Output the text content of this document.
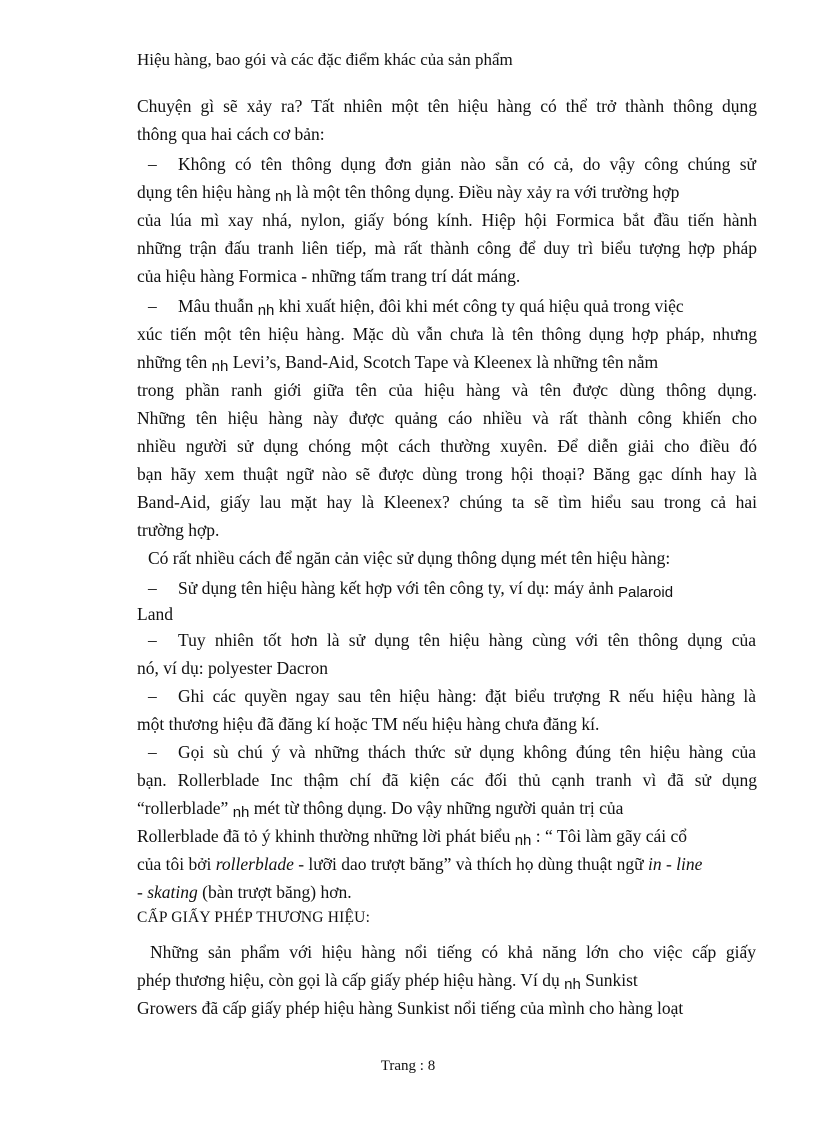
Hiệu hàng, bao gói và các đặc điểm khác của sản phẩm
Chuyện gì sẽ xảy ra? Tất nhiên một tên hiệu hàng có thể trở thành thông dụng
thông qua hai cách cơ bản:
– Không có tên thông dụng đơn giản nào sẵn có cả, do vậy công chúng sử
dụng tên hiệu hàng nh là một tên thông dụng. Điều này xảy ra với trường hợp
của lúa mì xay nhá, nylon, giấy bóng kính. Hiệp hội Formica bắt đầu tiến hành
những trận đấu tranh liên tiếp, mà rất thành công để duy trì biểu tượng hợp pháp
của hiệu hàng Formica - những tấm trang trí dát máng.
– Mâu thuẫn nh khi xuất hiện, đôi khi mét công ty quá hiệu quả trong việc
xúc tiến một tên hiệu hàng. Mặc dù vẫn chưa là tên thông dụng hợp pháp, nhưng
những tên nh Levi’s, Band-Aid, Scotch Tape và Kleenex là những tên nằm
trong phần ranh giới giữa tên của hiệu hàng và tên được dùng thông dụng.
Những tên hiệu hàng này được quảng cáo nhiều và rất thành công khiến cho
nhiều người sử dụng chóng một cách thường xuyên. Để diễn giải cho điều đó
bạn hãy xem thuật ngữ nào sẽ được dùng trong hội thoại? Băng gạc dính hay là
Band-Aid, giấy lau mặt hay là Kleenex? chúng ta sẽ tìm hiểu sau trong cả hai
trường hợp.
Có rất nhiều cách để ngăn cản việc sử dụng thông dụng mét tên hiệu hàng:
– Sử dụng tên hiệu hàng kết hợp với tên công ty, ví dụ: máy ảnh Palaroid
Land
– Tuy nhiên tốt hơn là sử dụng tên hiệu hàng cùng với tên thông dụng của
nó, ví dụ: polyester Dacron
– Ghi các quyền ngay sau tên hiệu hàng: đặt biểu trượng R nếu hiệu hàng là
một thương hiệu đã đăng kí hoặc TM nếu hiệu hàng chưa đăng kí.
– Gọi sù chú ý và những thách thức sử dụng không đúng tên hiệu hàng của
bạn. Rollerblade Inc thậm chí đã kiện các đối thủ cạnh tranh vì đã sử dụng
“rollerblade” nh mét từ thông dụng. Do vậy những người quản trị của
Rollerblade đã tỏ ý khinh thường những lời phát biểu nh : “ Tôi làm gãy cái cổ
của tôi bởi rollerblade - lưỡi dao trượt băng” và thích họ dùng thuật ngữ in - line
- skating (bàn trượt băng) hơn.
CẤP GIẤY PHÉP THƯƠNG HIỆU:
Những sản phẩm với hiệu hàng nổi tiếng có khả năng lớn cho việc cấp giấy
phép thương hiệu, còn gọi là cấp giấy phép hiệu hàng. Ví dụ nh Sunkist
Growers đã cấp giấy phép hiệu hàng Sunkist nổi tiếng của mình cho hàng loạt
Trang : 8
